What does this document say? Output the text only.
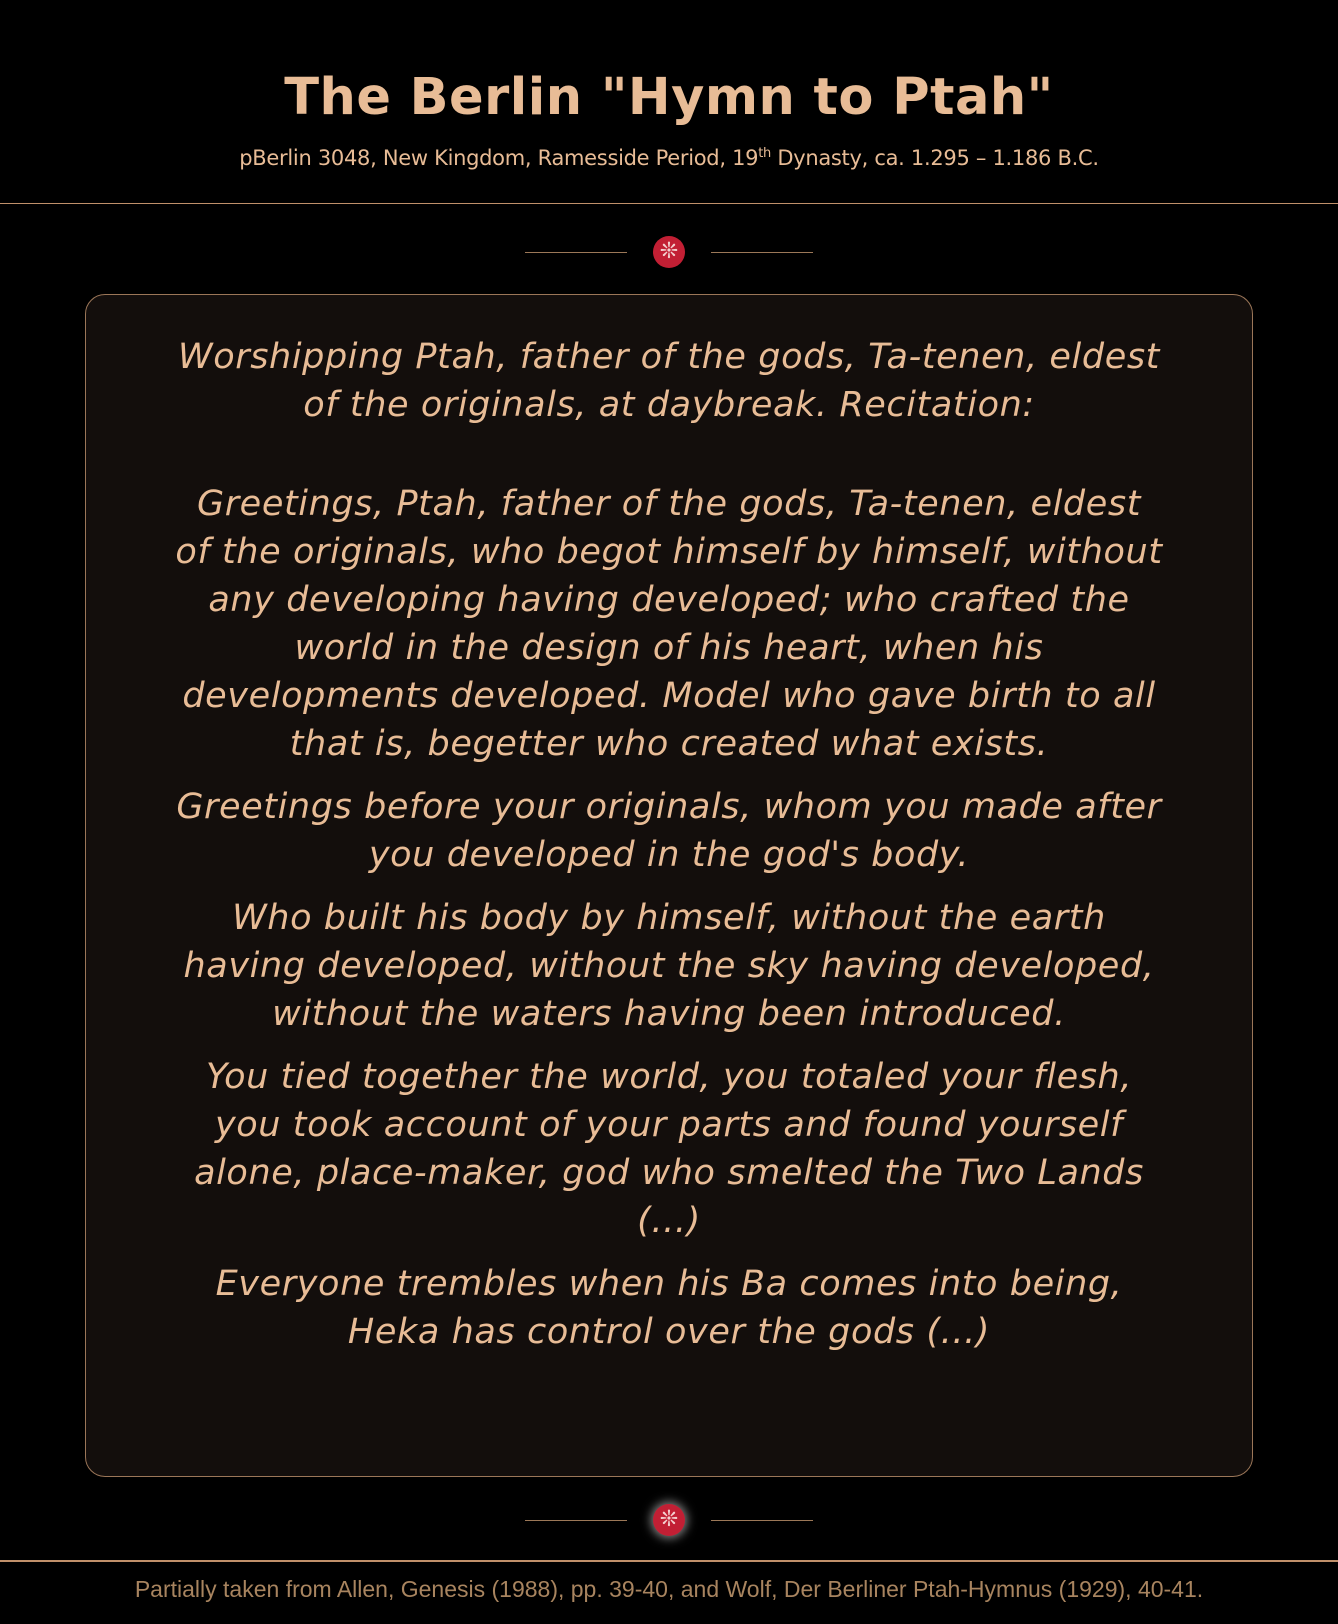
The Berlin "Hymn to Ptah"

pBerlin 3048, New Kingdom, Ramesside Period, 19th Dynasty, ca. 1.295 – 1.186 B.C.

❊

Worshipping Ptah, father of the gods, Ta-tenen, eldest of the originals, at daybreak. Recitation:

Greetings, Ptah, father of the gods, Ta-tenen, eldest of the originals, who begot himself by himself, without any developing having developed; who crafted the world in the design of his heart, when his developments developed. Model who gave birth to all that is, begetter who created what exists.

Greetings before your originals, whom you made after you developed in the god's body.

Who built his body by himself, without the earth having developed, without the sky having developed, without the waters having been introduced.

You tied together the world, you totaled your flesh, you took account of your parts and found yourself alone, place-maker, god who smelted the Two Lands (...)

Everyone trembles when his Ba comes into being, Heka has control over the gods (...)

❊
Partially taken from Allen, Genesis (1988), pp. 39-40, and Wolf, Der Berliner Ptah-Hymnus (1929), 40-41.
